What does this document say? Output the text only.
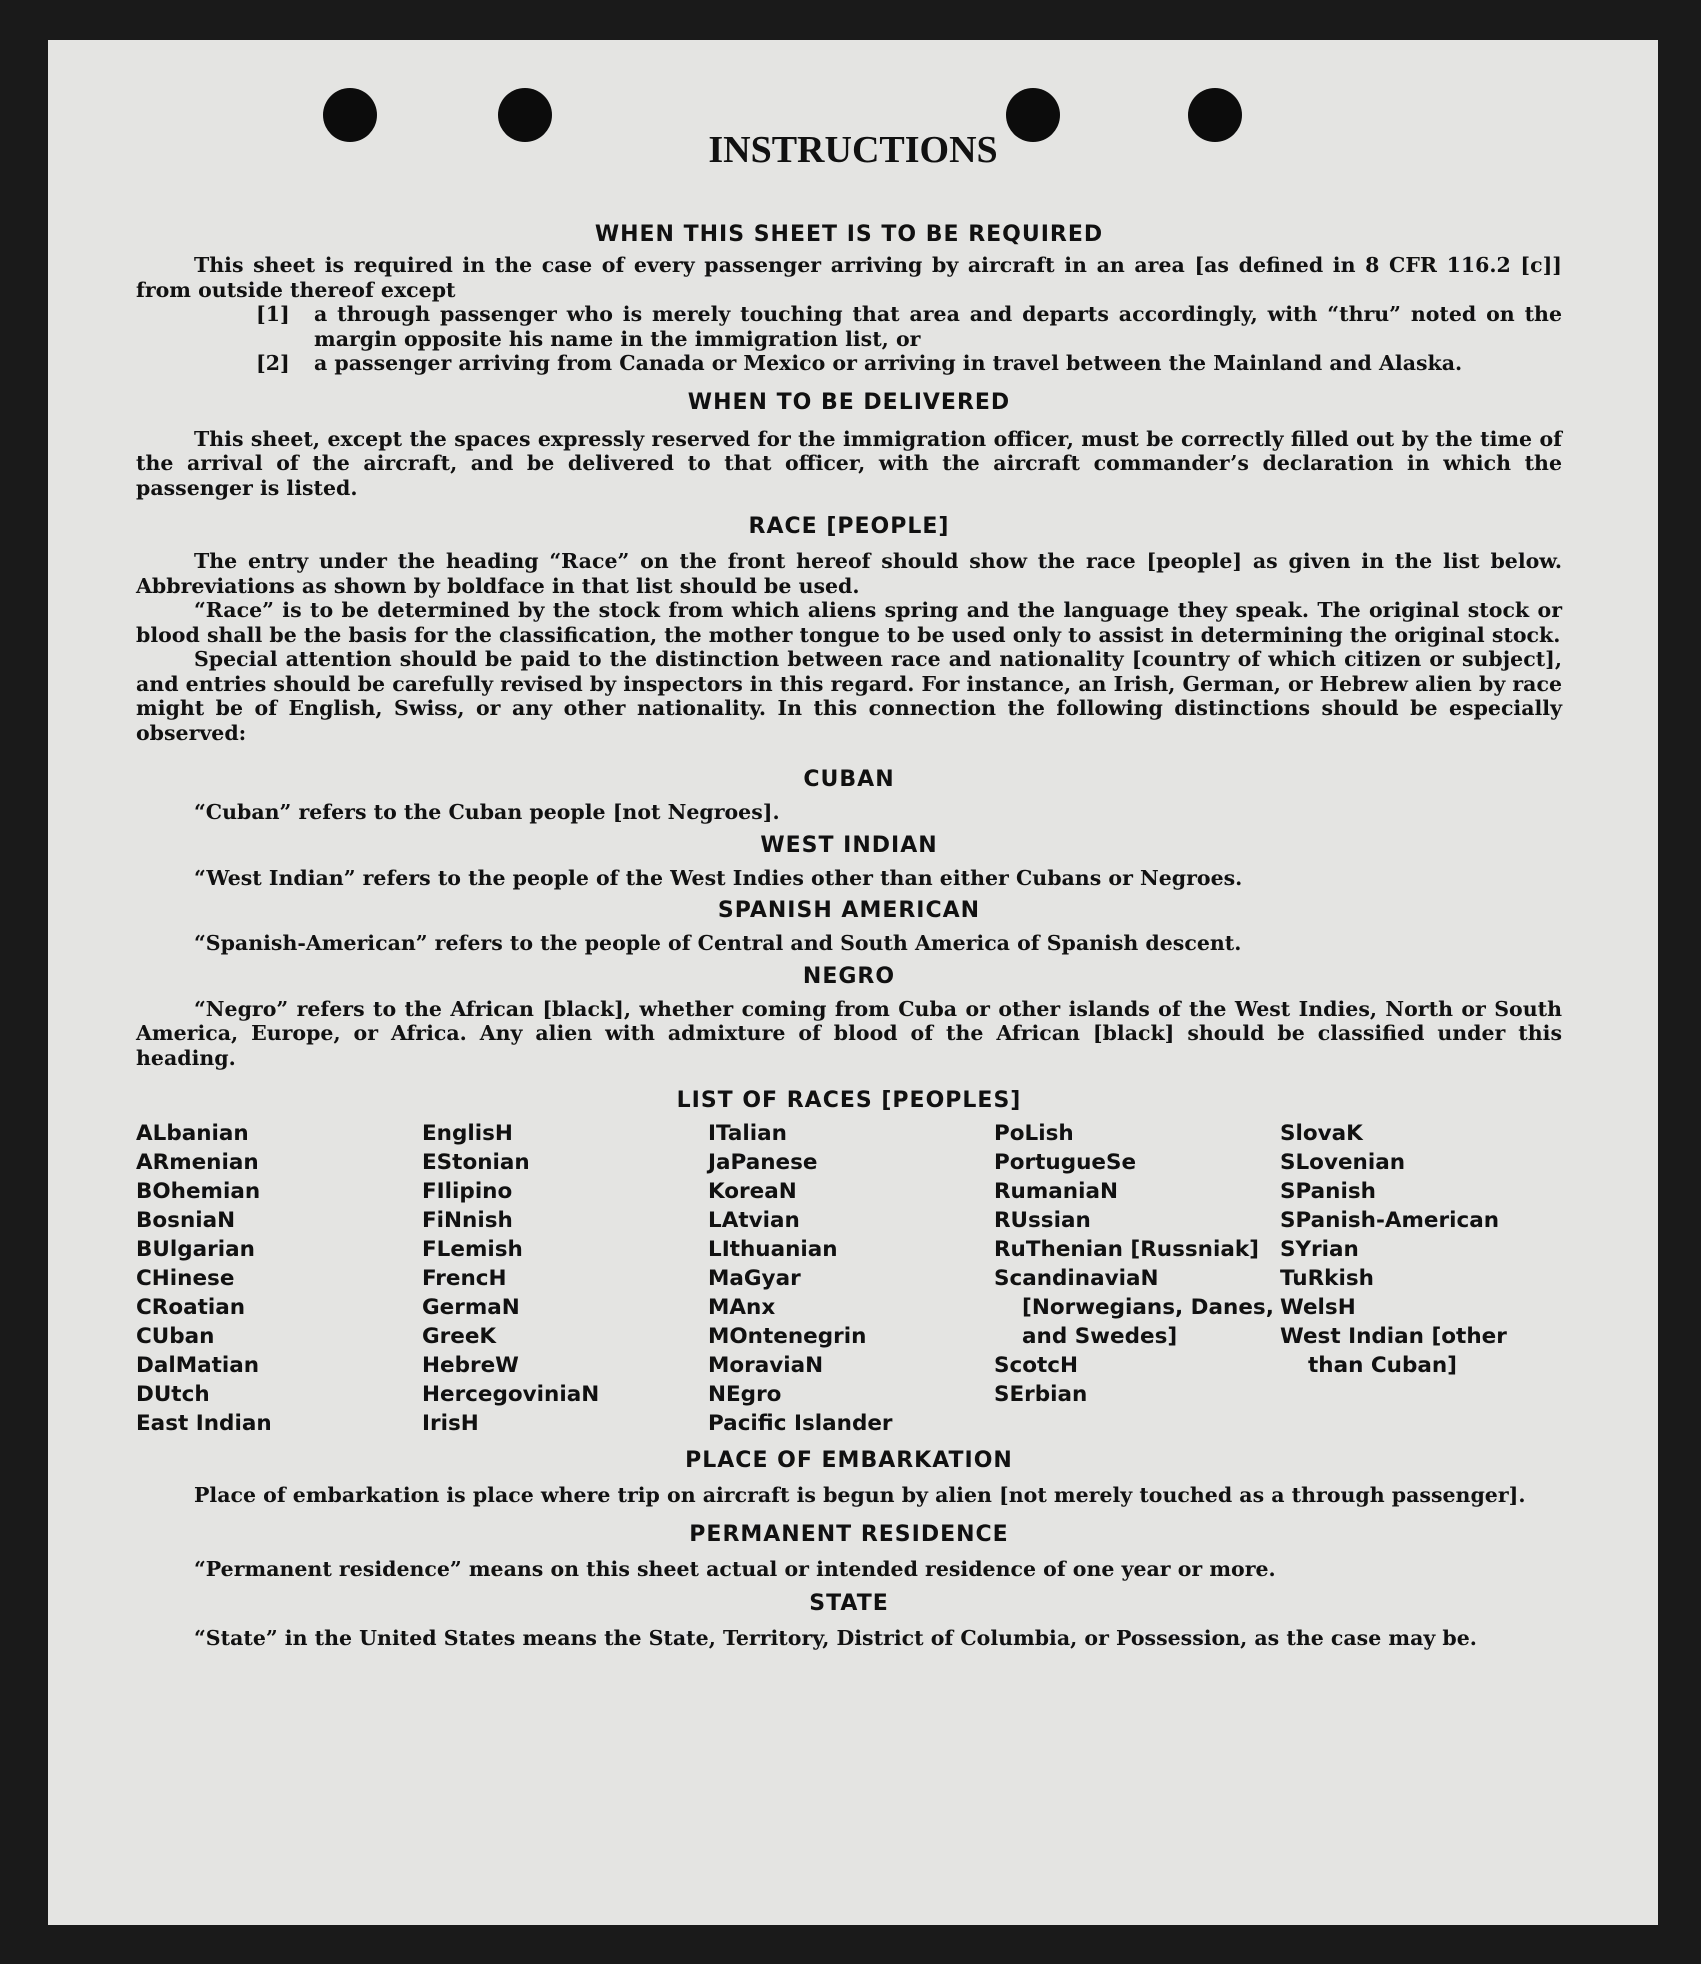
INSTRUCTIONS
WHEN THIS SHEET IS TO BE REQUIRED

This sheet is required in the case of every passenger arriving by aircraft in an area [as defined in 8 CFR 116.2 [c]] from outside thereof except

[1]	a through passenger who is merely touching that area and departs accordingly, with “thru” noted on the margin opposite his name in the immigration list, or
[2]	a passenger arriving from Canada or Mexico or arriving in travel between the Mainland and Alaska.
WHEN TO BE DELIVERED

This sheet, except the spaces expressly reserved for the immigration officer, must be correctly filled out by the time of the arrival of the aircraft, and be delivered to that officer, with the aircraft commander’s declaration in which the passenger is listed.

RACE [PEOPLE]

The entry under the heading “Race” on the front hereof should show the race [people] as given in the list below. Abbreviations as shown by boldface in that list should be used.

“Race” is to be determined by the stock from which aliens spring and the language they speak. The original stock or blood shall be the basis for the classification, the mother tongue to be used only to assist in determining the original stock.

Special attention should be paid to the distinction between race and nationality [country of which citizen or subject], and entries should be carefully revised by inspectors in this regard. For instance, an Irish, German, or Hebrew alien by race might be of English, Swiss, or any other nationality. In this connection the following distinctions should be especially observed:

CUBAN

“Cuban” refers to the Cuban people [not Negroes].

WEST INDIAN

“West Indian” refers to the people of the West Indies other than either Cubans or Negroes.

SPANISH AMERICAN

“Spanish-American” refers to the people of Central and South America of Spanish descent.

NEGRO

“Negro” refers to the African [black], whether coming from Cuba or other islands of the West Indies, North or South America, Europe, or Africa. Any alien with admixture of blood of the African [black] should be classified under this heading.

LIST OF RACES [PEOPLES]
ALbanian
ARmenian
BOhemian
BosniaN
BUlgarian
CHinese
CRoatian
CUban
DalMatian
DUtch
East Indian
EnglisH
EStonian
FIlipino
FiNnish
FLemish
FrencH
GermaN
GreeK
HebreW
HercegoviniaN
IrisH
ITalian
JaPanese
KoreaN
LAtvian
LIthuanian
MaGyar
MAnx
MOntenegrin
MoraviaN
NEgro
Pacific Islander
PoLish
PortugueSe
RumaniaN
RUssian
RuThenian [Russniak]
ScandinaviaN [Norwegians, Danes, and Swedes]
ScotcH
SErbian
SlovaK
SLovenian
SPanish
SPanish-American
SYrian
TuRkish
WelsH
West Indian [other than Cuban]
PLACE OF EMBARKATION

Place of embarkation is place where trip on aircraft is begun by alien [not merely touched as a through passenger].

PERMANENT RESIDENCE

“Permanent residence” means on this sheet actual or intended residence of one year or more.

STATE

“State” in the United States means the State, Territory, District of Columbia, or Possession, as the case may be.
